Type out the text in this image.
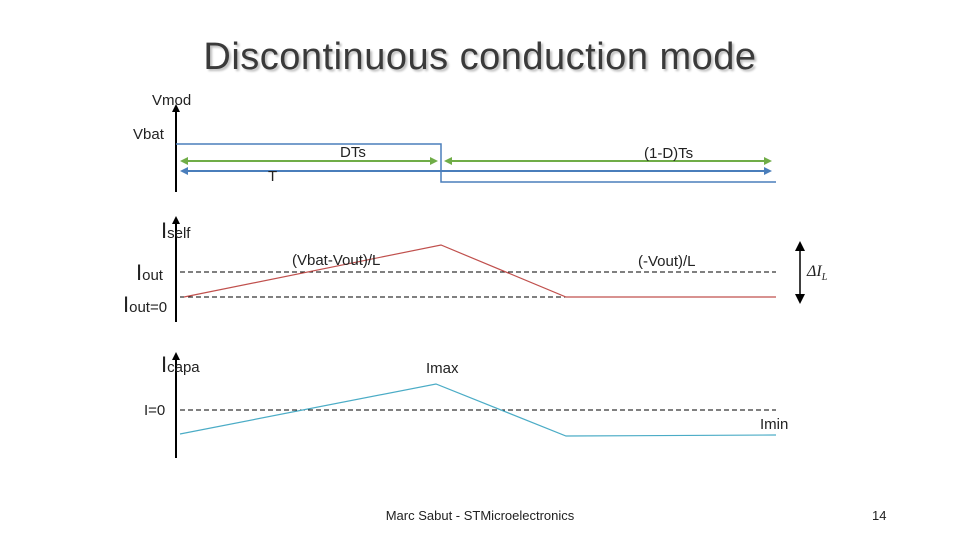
Discontinuous conduction mode
Vmod
Vbat
T
DTs	(1-D)Ts
Iself
Iout
Iout=0
(Vbat-Vout)/L	(-Vout)/L
$\Delta I_L$
Icapa
I=0
Imax
Imin
Marc Sabut - STMicroelectronics	14
